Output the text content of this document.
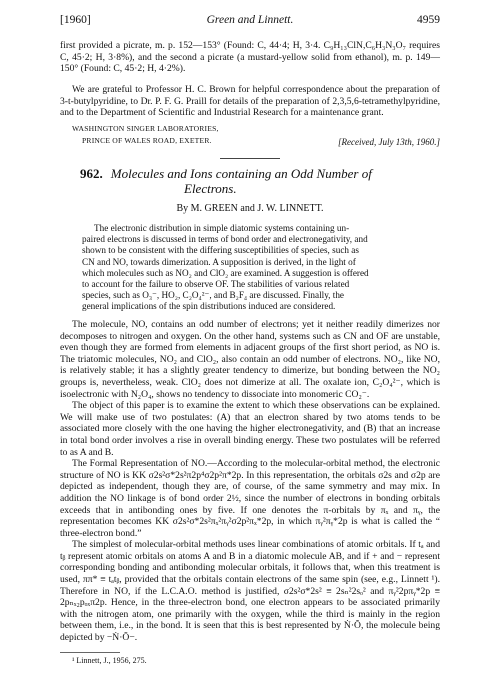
[1960]	Green and Linnett.	4959

first provided a picrate, m. p. 152—153° (Found: C, 44·4; H, 3·4. C₉H₁₃ClN,C₆H₃N₃O₇ requires C, 45·2; H, 3·8%), and the second a picrate (a mustard-yellow solid from ethanol), m. p. 149—150° (Found: C, 45·2; H, 4·2%).

We are grateful to Professor H. C. Brown for helpful correspondence about the preparation of 3-t-butylpyridine, to Dr. P. F. G. Praill for details of the preparation of 2,3,5,6-tetramethylpyridine, and to the Department of Scientific and Industrial Research for a maintenance grant.

WASHINGTON SINGER LABORATORIES,
PRINCE OF WALES ROAD, EXETER.	[Received, July 13th, 1960.]
962. Molecules and Ions containing an Odd Number of
Electrons.
By M. GREEN and J. W. LINNETT.

The electronic distribution in simple diatomic systems containing un-

paired electrons is discussed in terms of bond order and electronegativity, and
shown to be consistent with the differing susceptibilities of species, such as
CN and NO, towards dimerization. A supposition is derived, in the light of
which molecules such as NO₂ and ClO₂ are examined. A suggestion is offered
to account for the failure to observe OF. The stabilities of various related
species, such as O₃⁻, HO₂, C₂O₄²⁻, and B₂F₄ are discussed. Finally, the
general implications of the spin distributions induced are considered.

The molecule, NO, contains an odd number of electrons; yet it neither readily dimerizes nor decomposes to nitrogen and oxygen. On the other hand, systems such as CN and OF are unstable, even though they are formed from elements in adjacent groups of the first short period, as NO is. The triatomic molecules, NO₂ and ClO₂, also contain an odd number of electrons. NO₂, like NO, is relatively stable; it has a slightly greater tendency to dimerize, but bonding between the NO₂ groups is, nevertheless, weak. ClO₂ does not dimerize at all. The oxalate ion, C₂O₄²⁻, which is isoelectronic with N₂O₄, shows no tendency to dissociate into monomeric CO₂⁻.

The object of this paper is to examine the extent to which these observations can be explained. We will make use of two postulates: (A) that an electron shared by two atoms tends to be associated more closely with the one having the higher electronegativity, and (B) that an increase in total bond order involves a rise in overall binding energy. These two postulates will be referred to as A and B.

The Formal Representation of NO.—According to the molecular-orbital method, the electronic structure of NO is KK σ2s²σ*2s²π2p⁴σ2p²π*2p. In this representation, the orbitals σ2s and σ2p are depicted as independent, though they are, of course, of the same symmetry and may mix. In addition the NO linkage is of bond order 2½, since the number of electrons in bonding orbitals exceeds that in antibonding ones by five. If one denotes the π-orbitals by πₓ and πᵧ, the representation becomes KK σ2s²σ*2s²πₓ²πᵧ²σ2p²πₓ*2p, in which πᵧ²πᵧ*2p is what is called the “ three-electron bond.”

The simplest of molecular-orbital methods uses linear combinations of atomic orbitals. If tₐ and tᵦ represent atomic orbitals on atoms A and B in a diatomic molecule AB, and if + and − represent corresponding bonding and antibonding molecular orbitals, it follows that, when this treatment is used, ππ* ≡ tₐtᵦ, provided that the orbitals contain electrons of the same spin (see, e.g., Linnett ¹). Therefore in NO, if the L.C.A.O. method is justified, σ2s²σ*2s² ≡ 2sₙ²2sₒ² and πᵧ²2pπᵧ*2p ≡ 2pₙₓ₂pₒₓπ2p. Hence, in the three-electron bond, one electron appears to be associated primarily with the nitrogen atom, one primarily with the oxygen, while the third is mainly in the region between them, i.e., in the bond. It is seen that this is best represented by Ṅ·Õ, the molecule being depicted by −Ṅ·Õ−.

¹ Linnett, J., 1956, 275.
